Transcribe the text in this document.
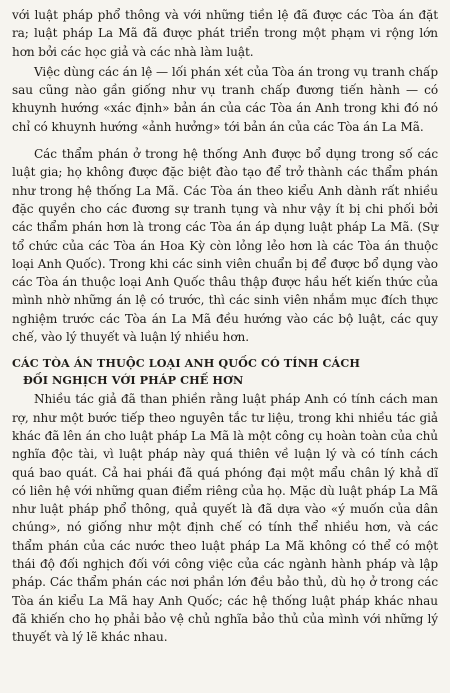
với luật pháp phổ thông và với những tiền lệ đã được các Tòa án đặt ra; luật pháp La Mã đã được phát triển trong một phạm vi rộng lớn hơn bởi các học giả và các nhà làm luật.

Việc dùng các án lệ — lối phán xét của Tòa án trong vụ tranh chấp sau cũng nào gần giống như vụ tranh chấp đương tiến hành — có khuynh hướng «xác định» bản án của các Tòa án Anh trong khi đó nó chỉ có khuynh hướng «ảnh hưởng» tới bản án của các Tòa án La Mã.

Các thẩm phán ở trong hệ thống Anh được bổ dụng trong số các luật gia; họ không được đặc biệt đào tạo để trở thành các thẩm phán như trong hệ thống La Mã. Các Tòa án theo kiểu Anh dành rất nhiều đặc quyền cho các đương sự tranh tụng và như vậy ít bị chi phối bởi các thẩm phán hơn là trong các Tòa án áp dụng luật pháp La Mã. (Sự tổ chức của các Tòa án Hoa Kỳ còn lỏng lẻo hơn là các Tòa án thuộc loại Anh Quốc). Trong khi các sinh viên chuẩn bị để được bổ dụng vào các Tòa án thuộc loại Anh Quốc thâu thập được hầu hết kiến thức của mình nhờ những án lệ có trước, thì các sinh viên nhắm mục đích thực nghiệm trước các Tòa án La Mã đều hướng vào các bộ luật, các quy chế, vào lý thuyết và luận lý nhiều hơn.

CÁC TÒA ÁN THUỘC LOẠI ANH QUỐC CÓ TÍNH CÁCH
ĐỐI NGHỊCH VỚI PHÁP CHẾ HƠN

Nhiều tác giả đã than phiền rằng luật pháp Anh có tính cách man rợ, như một bước tiếp theo nguyên tắc tư liệu, trong khi nhiều tác giả khác đã lên án cho luật pháp La Mã là một công cụ hoàn toàn của chủ nghĩa độc tài, vì luật pháp này quá thiên về luận lý và có tính cách quá bao quát. Cả hai phái đã quá phóng đại một mẩu chân lý khả dĩ có liên hệ với những quan điểm riêng của họ. Mặc dù luật pháp La Mã như luật pháp phổ thông, quả quyết là đã dựa vào «ý muốn của dân chúng», nó giống như một định chế có tính thể nhiều hơn, và các thẩm phán của các nước theo luật pháp La Mã không có thể có một thái độ đối nghịch đối với công việc của các ngành hành pháp và lập pháp. Các thẩm phán các nơi phần lớn đều bảo thủ, dù họ ở trong các Tòa án kiểu La Mã hay Anh Quốc; các hệ thống luật pháp khác nhau đã khiến cho họ phải bảo vệ chủ nghĩa bảo thủ của mình với những lý thuyết và lý lẽ khác nhau.
